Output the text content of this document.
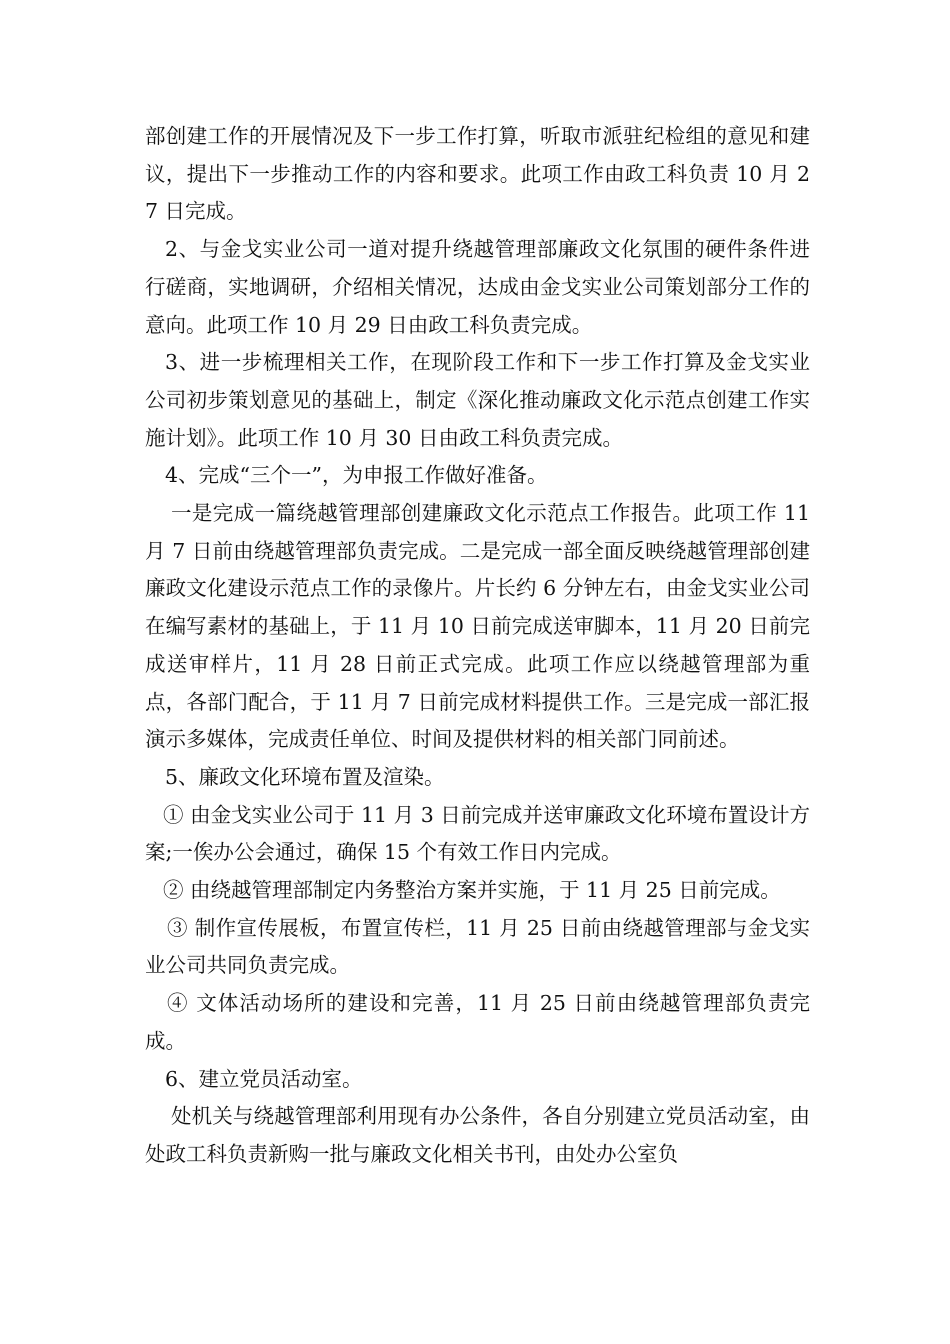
部创建工作的开展情况及下一步工作打算，听取市派驻纪检组的意见和建议，提出下一步推动工作的内容和要求。此项工作由政工科负责 10 月 27 日完成。

2、与金戈实业公司一道对提升绕越管理部廉政文化氛围的硬件条件进行磋商，实地调研，介绍相关情况，达成由金戈实业公司策划部分工作的意向。此项工作 10 月 29 日由政工科负责完成。

3、进一步梳理相关工作，在现阶段工作和下一步工作打算及金戈实业公司初步策划意见的基础上，制定《深化推动廉政文化示范点创建工作实施计划》。此项工作 10 月 30 日由政工科负责完成。

4、完成“三个一”，为申报工作做好准备。

一是完成一篇绕越管理部创建廉政文化示范点工作报告。此项工作 11 月 7 日前由绕越管理部负责完成。二是完成一部全面反映绕越管理部创建廉政文化建设示范点工作的录像片。片长约 6 分钟左右，由金戈实业公司在编写素材的基础上，于 11 月 10 日前完成送审脚本，11 月 20 日前完成送审样片，11 月 28 日前正式完成。此项工作应以绕越管理部为重点，各部门配合，于 11 月 7 日前完成材料提供工作。三是完成一部汇报演示多媒体，完成责任单位、时间及提供材料的相关部门同前述。

5、廉政文化环境布置及渲染。

① 由金戈实业公司于 11 月 3 日前完成并送审廉政文化环境布置设计方案;一俟办公会通过，确保 15 个有效工作日内完成。

② 由绕越管理部制定内务整治方案并实施，于 11 月 25 日前完成。

③ 制作宣传展板，布置宣传栏，11 月 25 日前由绕越管理部与金戈实业公司共同负责完成。

④ 文体活动场所的建设和完善，11 月 25 日前由绕越管理部负责完成。

6、建立党员活动室。

处机关与绕越管理部利用现有办公条件，各自分别建立党员活动室，由处政工科负责新购一批与廉政文化相关书刊，由处办公室负
